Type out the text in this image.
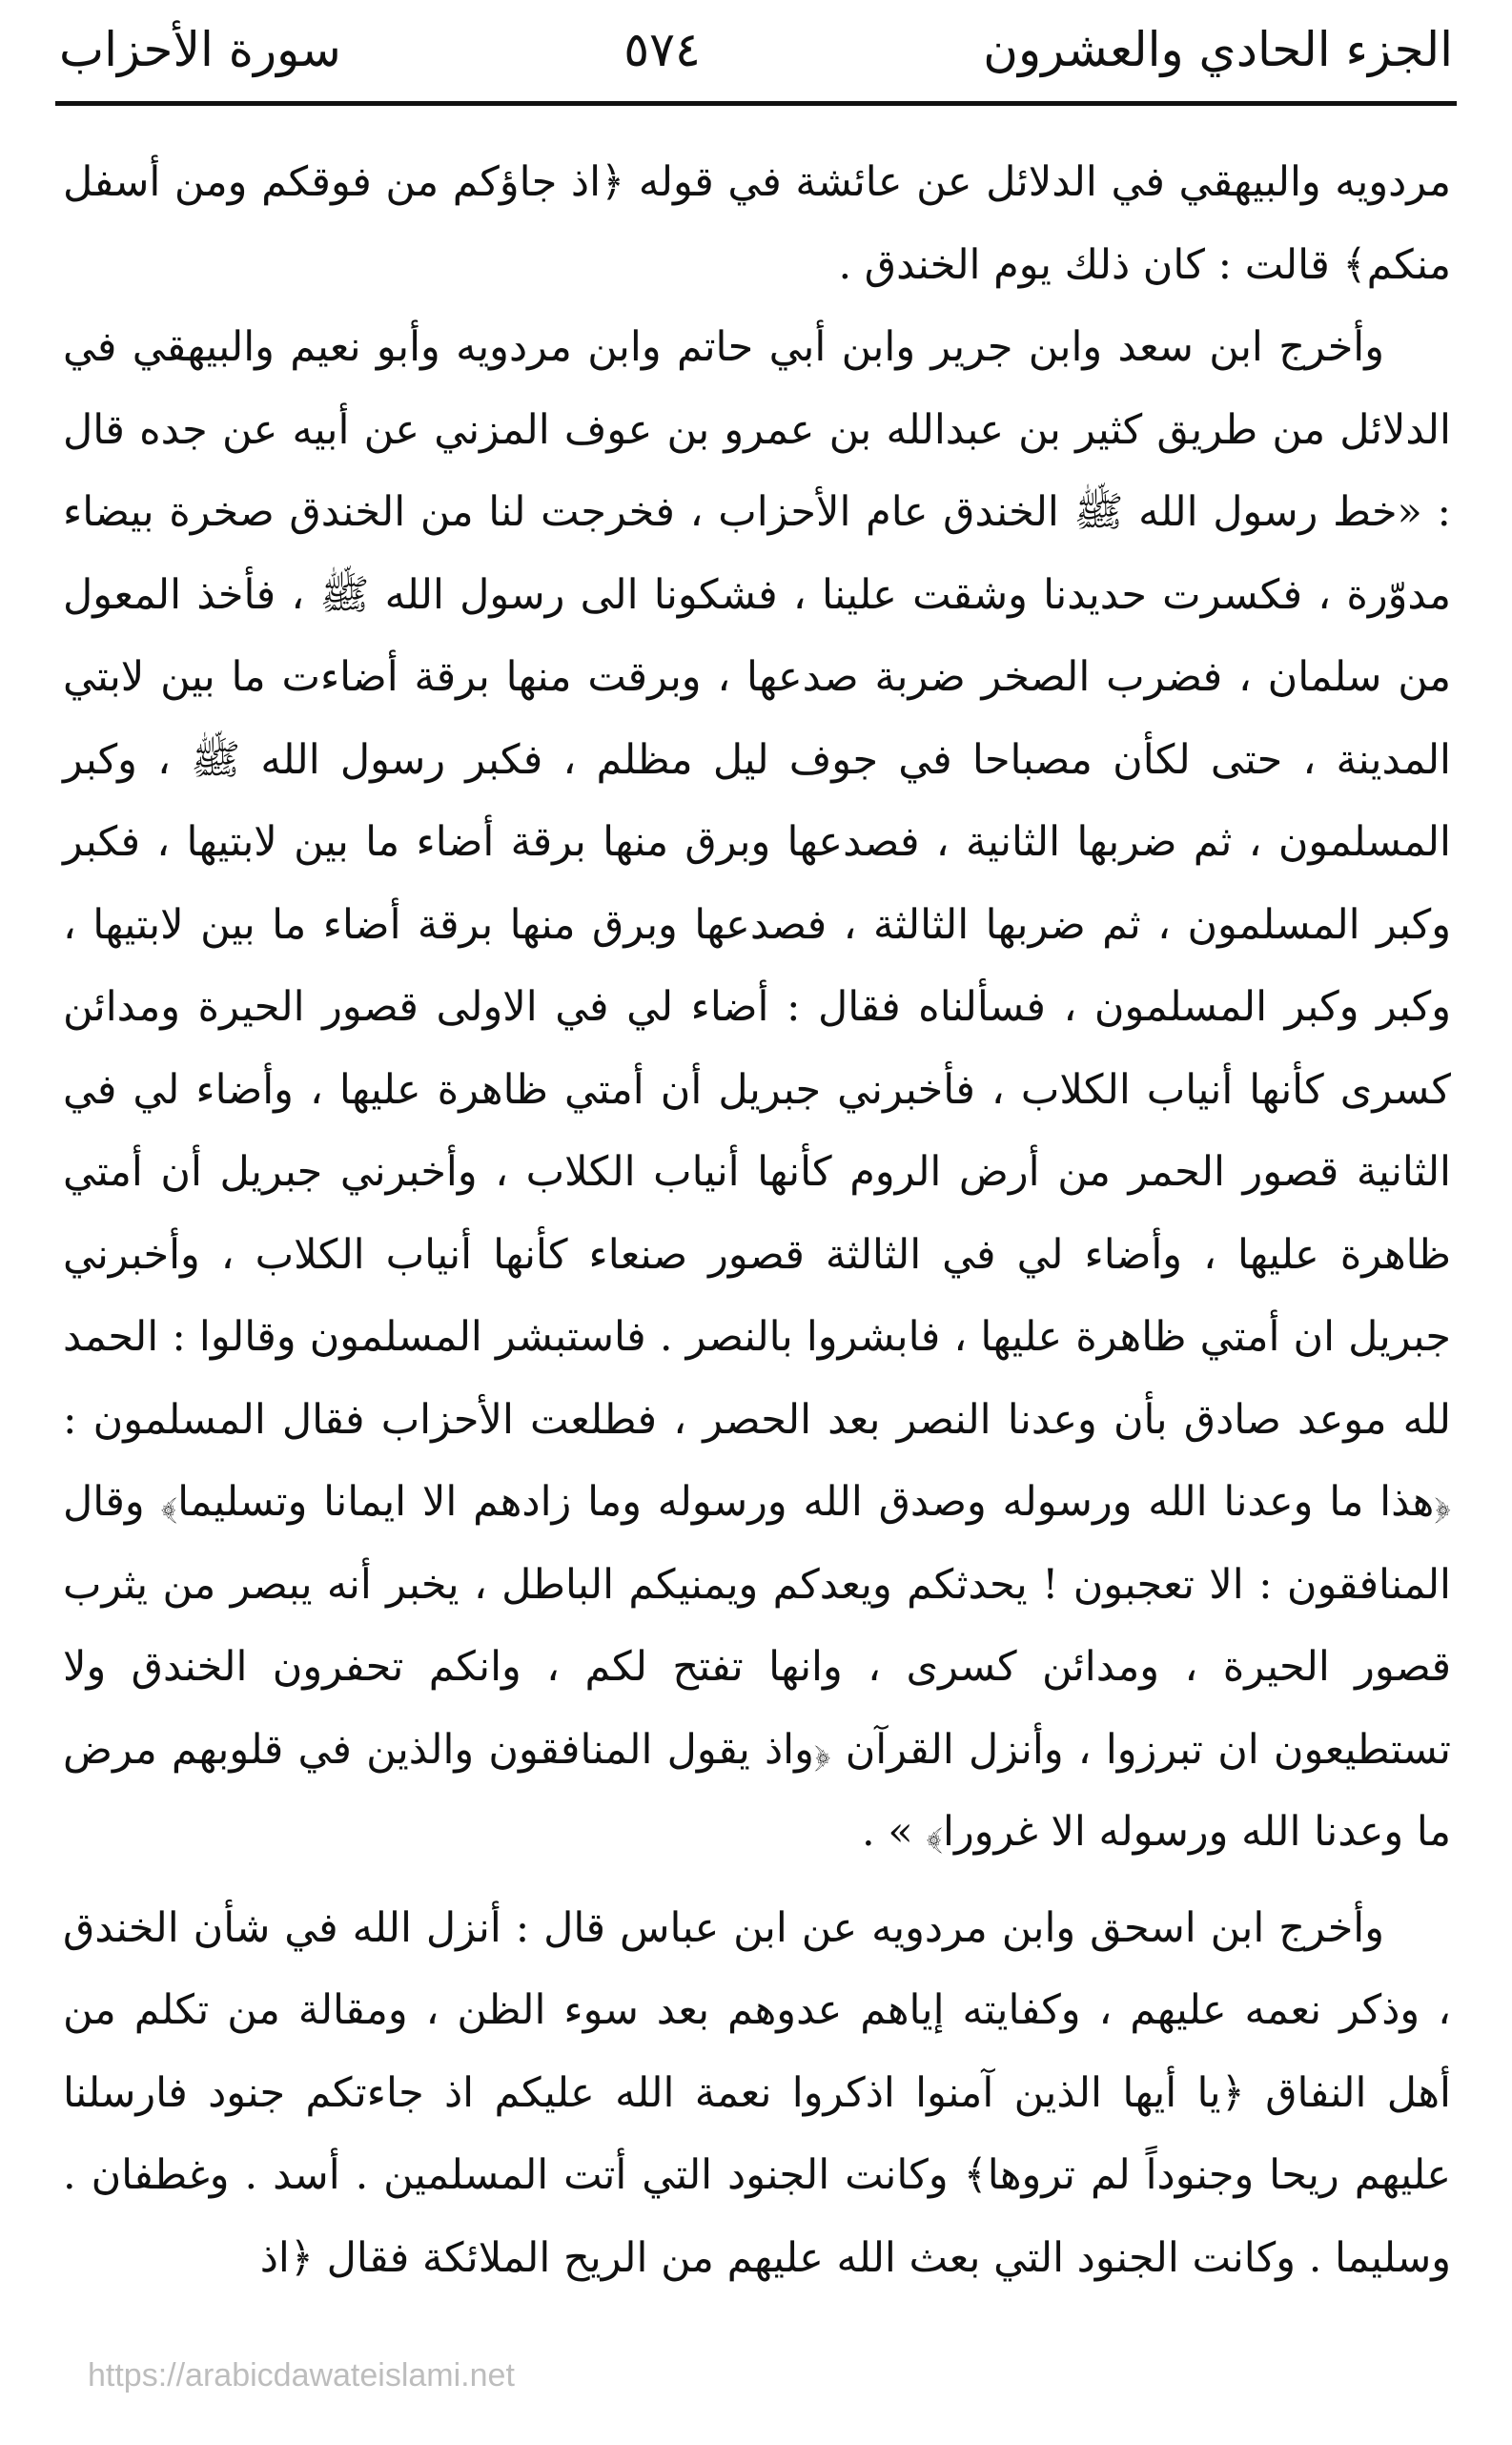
الجزء الحادي والعشرون
٥٧٤
سورة الأحزاب

مردويه والبيهقي في الدلائل عن عائشة في قوله ﴿اذ جاؤكم من فوقكم ومن أسفل منكم﴾ قالت : كان ذلك يوم الخندق .

وأخرج ابن سعد وابن جرير وابن أبي حاتم وابن مردويه وأبو نعيم والبيهقي في الدلائل من طريق كثير بن عبدالله بن عمرو بن عوف المزني عن أبيه عن جده قال : «خط رسول الله ﷺ الخندق عام الأحزاب ، فخرجت لنا من الخندق صخرة بيضاء مدوّرة ، فكسرت حديدنا وشقت علينا ، فشكونا الى رسول الله ﷺ ، فأخذ المعول من سلمان ، فضرب الصخر ضربة صدعها ، وبرقت منها برقة أضاءت ما بين لابتي المدينة ، حتى لكأن مصباحا في جوف ليل مظلم ، فكبر رسول الله ﷺ ، وكبر المسلمون ، ثم ضربها الثانية ، فصدعها وبرق منها برقة أضاء ما بين لابتيها ، فكبر وكبر المسلمون ، ثم ضربها الثالثة ، فصدعها وبرق منها برقة أضاء ما بين لابتيها ، وكبر وكبر المسلمون ، فسألناه فقال : أضاء لي في الاولى قصور الحيرة ومدائن كسرى كأنها أنياب الكلاب ، فأخبرني جبريل أن أمتي ظاهرة عليها ، وأضاء لي في الثانية قصور الحمر من أرض الروم كأنها أنياب الكلاب ، وأخبرني جبريل أن أمتي ظاهرة عليها ، وأضاء لي في الثالثة قصور صنعاء كأنها أنياب الكلاب ، وأخبرني جبريل ان أمتي ظاهرة عليها ، فابشروا بالنصر . فاستبشر المسلمون وقالوا : الحمد لله موعد صادق بأن وعدنا النصر بعد الحصر ، فطلعت الأحزاب فقال المسلمون : ﴿هذا ما وعدنا الله ورسوله وصدق الله ورسوله وما زادهم الا ايمانا وتسليما﴾ وقال المنافقون : الا تعجبون ! يحدثكم ويعدكم ويمنيكم الباطل ، يخبر أنه يبصر من يثرب قصور الحيرة ، ومدائن كسرى ، وانها تفتح لكم ، وانكم تحفرون الخندق ولا تستطيعون ان تبرزوا ، وأنزل القرآن ﴿واذ يقول المنافقون والذين في قلوبهم مرض ما وعدنا الله ورسوله الا غرورا﴾ » .

وأخرج ابن اسحق وابن مردويه عن ابن عباس قال : أنزل الله في شأن الخندق ، وذكر نعمه عليهم ، وكفايته إياهم عدوهم بعد سوء الظن ، ومقالة من تكلم من أهل النفاق ﴿يا أيها الذين آمنوا اذكروا نعمة الله عليكم اذ جاءتكم جنود فارسلنا عليهم ريحا وجنوداً لم تروها﴾ وكانت الجنود التي أتت المسلمين . أسد . وغطفان . وسليما . وكانت الجنود التي بعث الله عليهم من الريح الملائكة فقال ﴿اذ

https://arabicdawateislami.net
